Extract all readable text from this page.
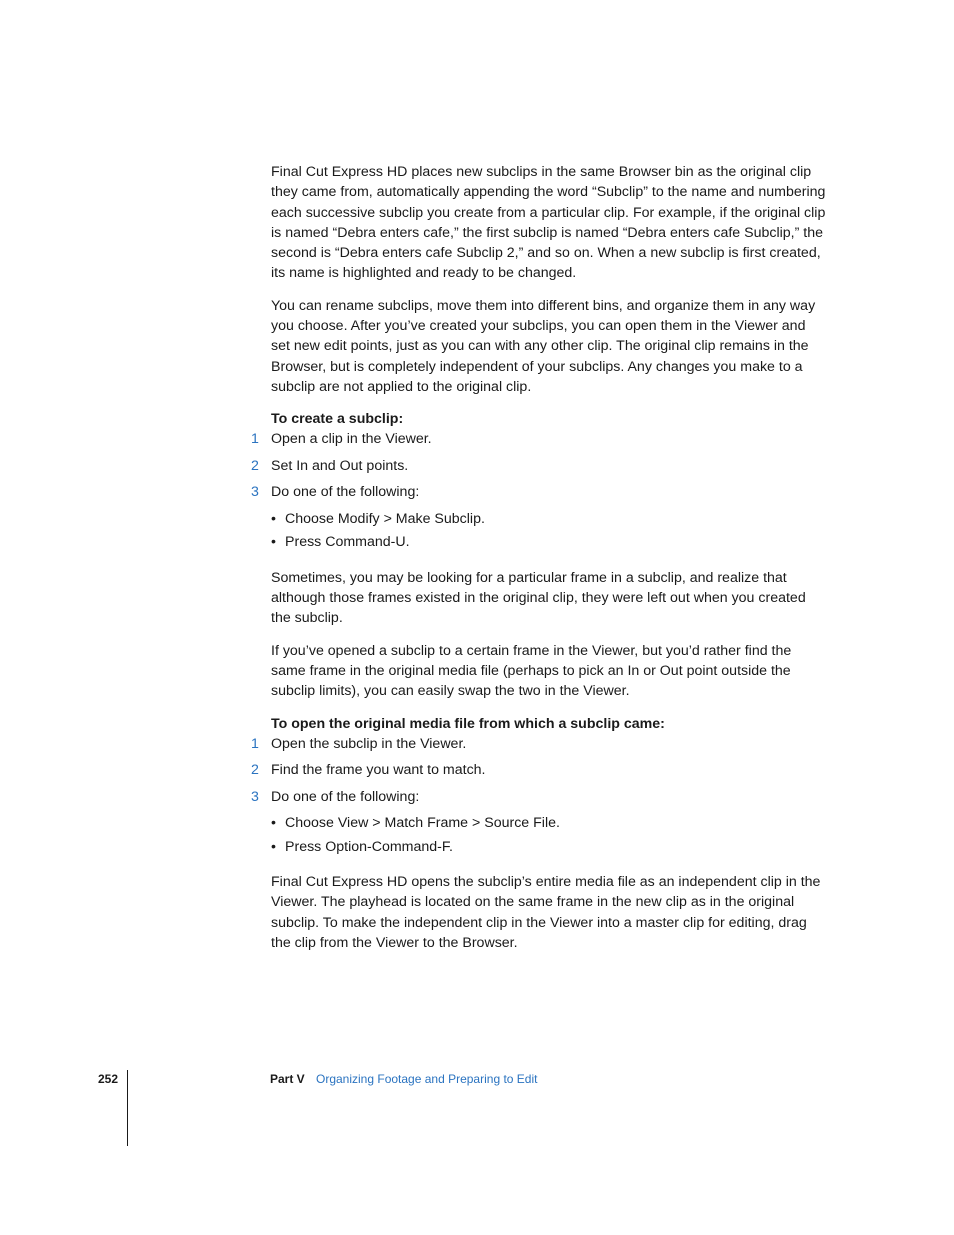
Final Cut Express HD places new subclips in the same Browser bin as the original clip they came from, automatically appending the word “Subclip” to the name and numbering each successive subclip you create from a particular clip. For example, if the original clip is named “Debra enters cafe,” the first subclip is named “Debra enters cafe Subclip,” the second is “Debra enters cafe Subclip 2,” and so on. When a new subclip is first created, its name is highlighted and ready to be changed.

You can rename subclips, move them into different bins, and organize them in any way you choose. After you’ve created your subclips, you can open them in the Viewer and set new edit points, just as you can with any other clip. The original clip remains in the Browser, but is completely independent of your subclips. Any changes you make to a subclip are not applied to the original clip.

To create a subclip:

1 Open a clip in the Viewer.

2 Set In and Out points.

3 Do one of the following:

• Choose Modify > Make Subclip.
• Press Command-U.

Sometimes, you may be looking for a particular frame in a subclip, and realize that although those frames existed in the original clip, they were left out when you created the subclip.

If you’ve opened a subclip to a certain frame in the Viewer, but you’d rather find the same frame in the original media file (perhaps to pick an In or Out point outside the subclip limits), you can easily swap the two in the Viewer.

To open the original media file from which a subclip came:

1 Open the subclip in the Viewer.

2 Find the frame you want to match.

3 Do one of the following:

• Choose View > Match Frame > Source File.
• Press Option-Command-F.

Final Cut Express HD opens the subclip’s entire media file as an independent clip in the Viewer. The playhead is located on the same frame in the new clip as in the original subclip. To make the independent clip in the Viewer into a master clip for editing, drag the clip from the Viewer to the Browser.

252	Part V Organizing Footage and Preparing to Edit
